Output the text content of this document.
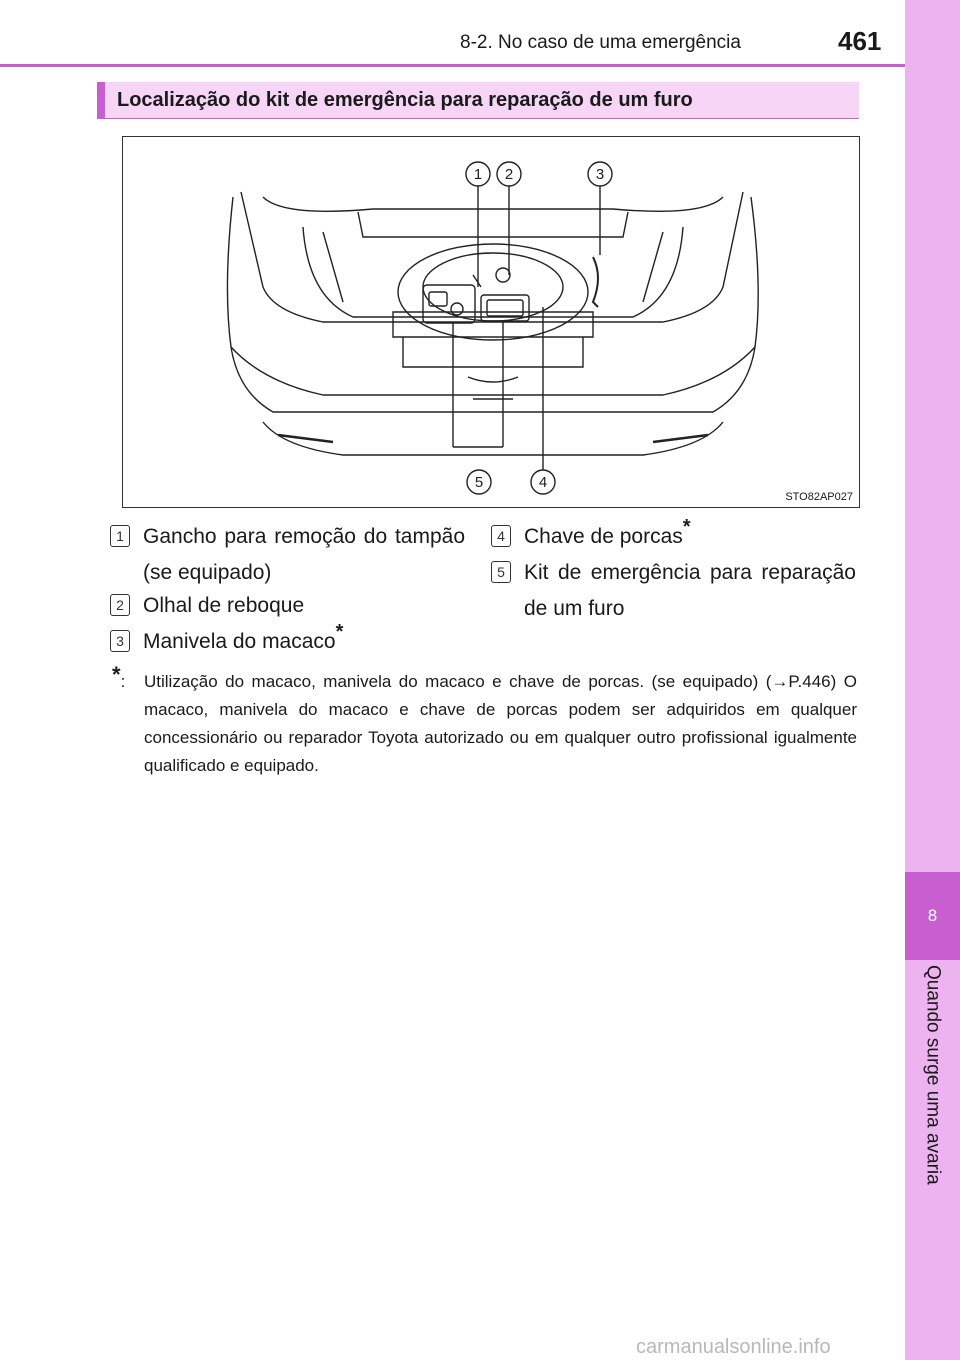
8
Quando surge uma avaria
8-2. No caso de uma emergência	461
Localização do kit de emergência para reparação de um furo
1 2	3
5	4
STO82AP027
1 Gancho para remoção do tampão (se equipado)
2 Olhal de reboque
3 Manivela do macaco*
4 Chave de porcas*
5 Kit de emergência para reparação de um furo
*: Utilização do macaco, manivela do macaco e chave de porcas. (se equipado) (→P.446) O macaco, manivela do macaco e chave de porcas podem ser adquiridos em qualquer concessionário ou reparador Toyota autorizado ou em qualquer outro profissional igualmente qualificado e equipado.
carmanualsonline.info
